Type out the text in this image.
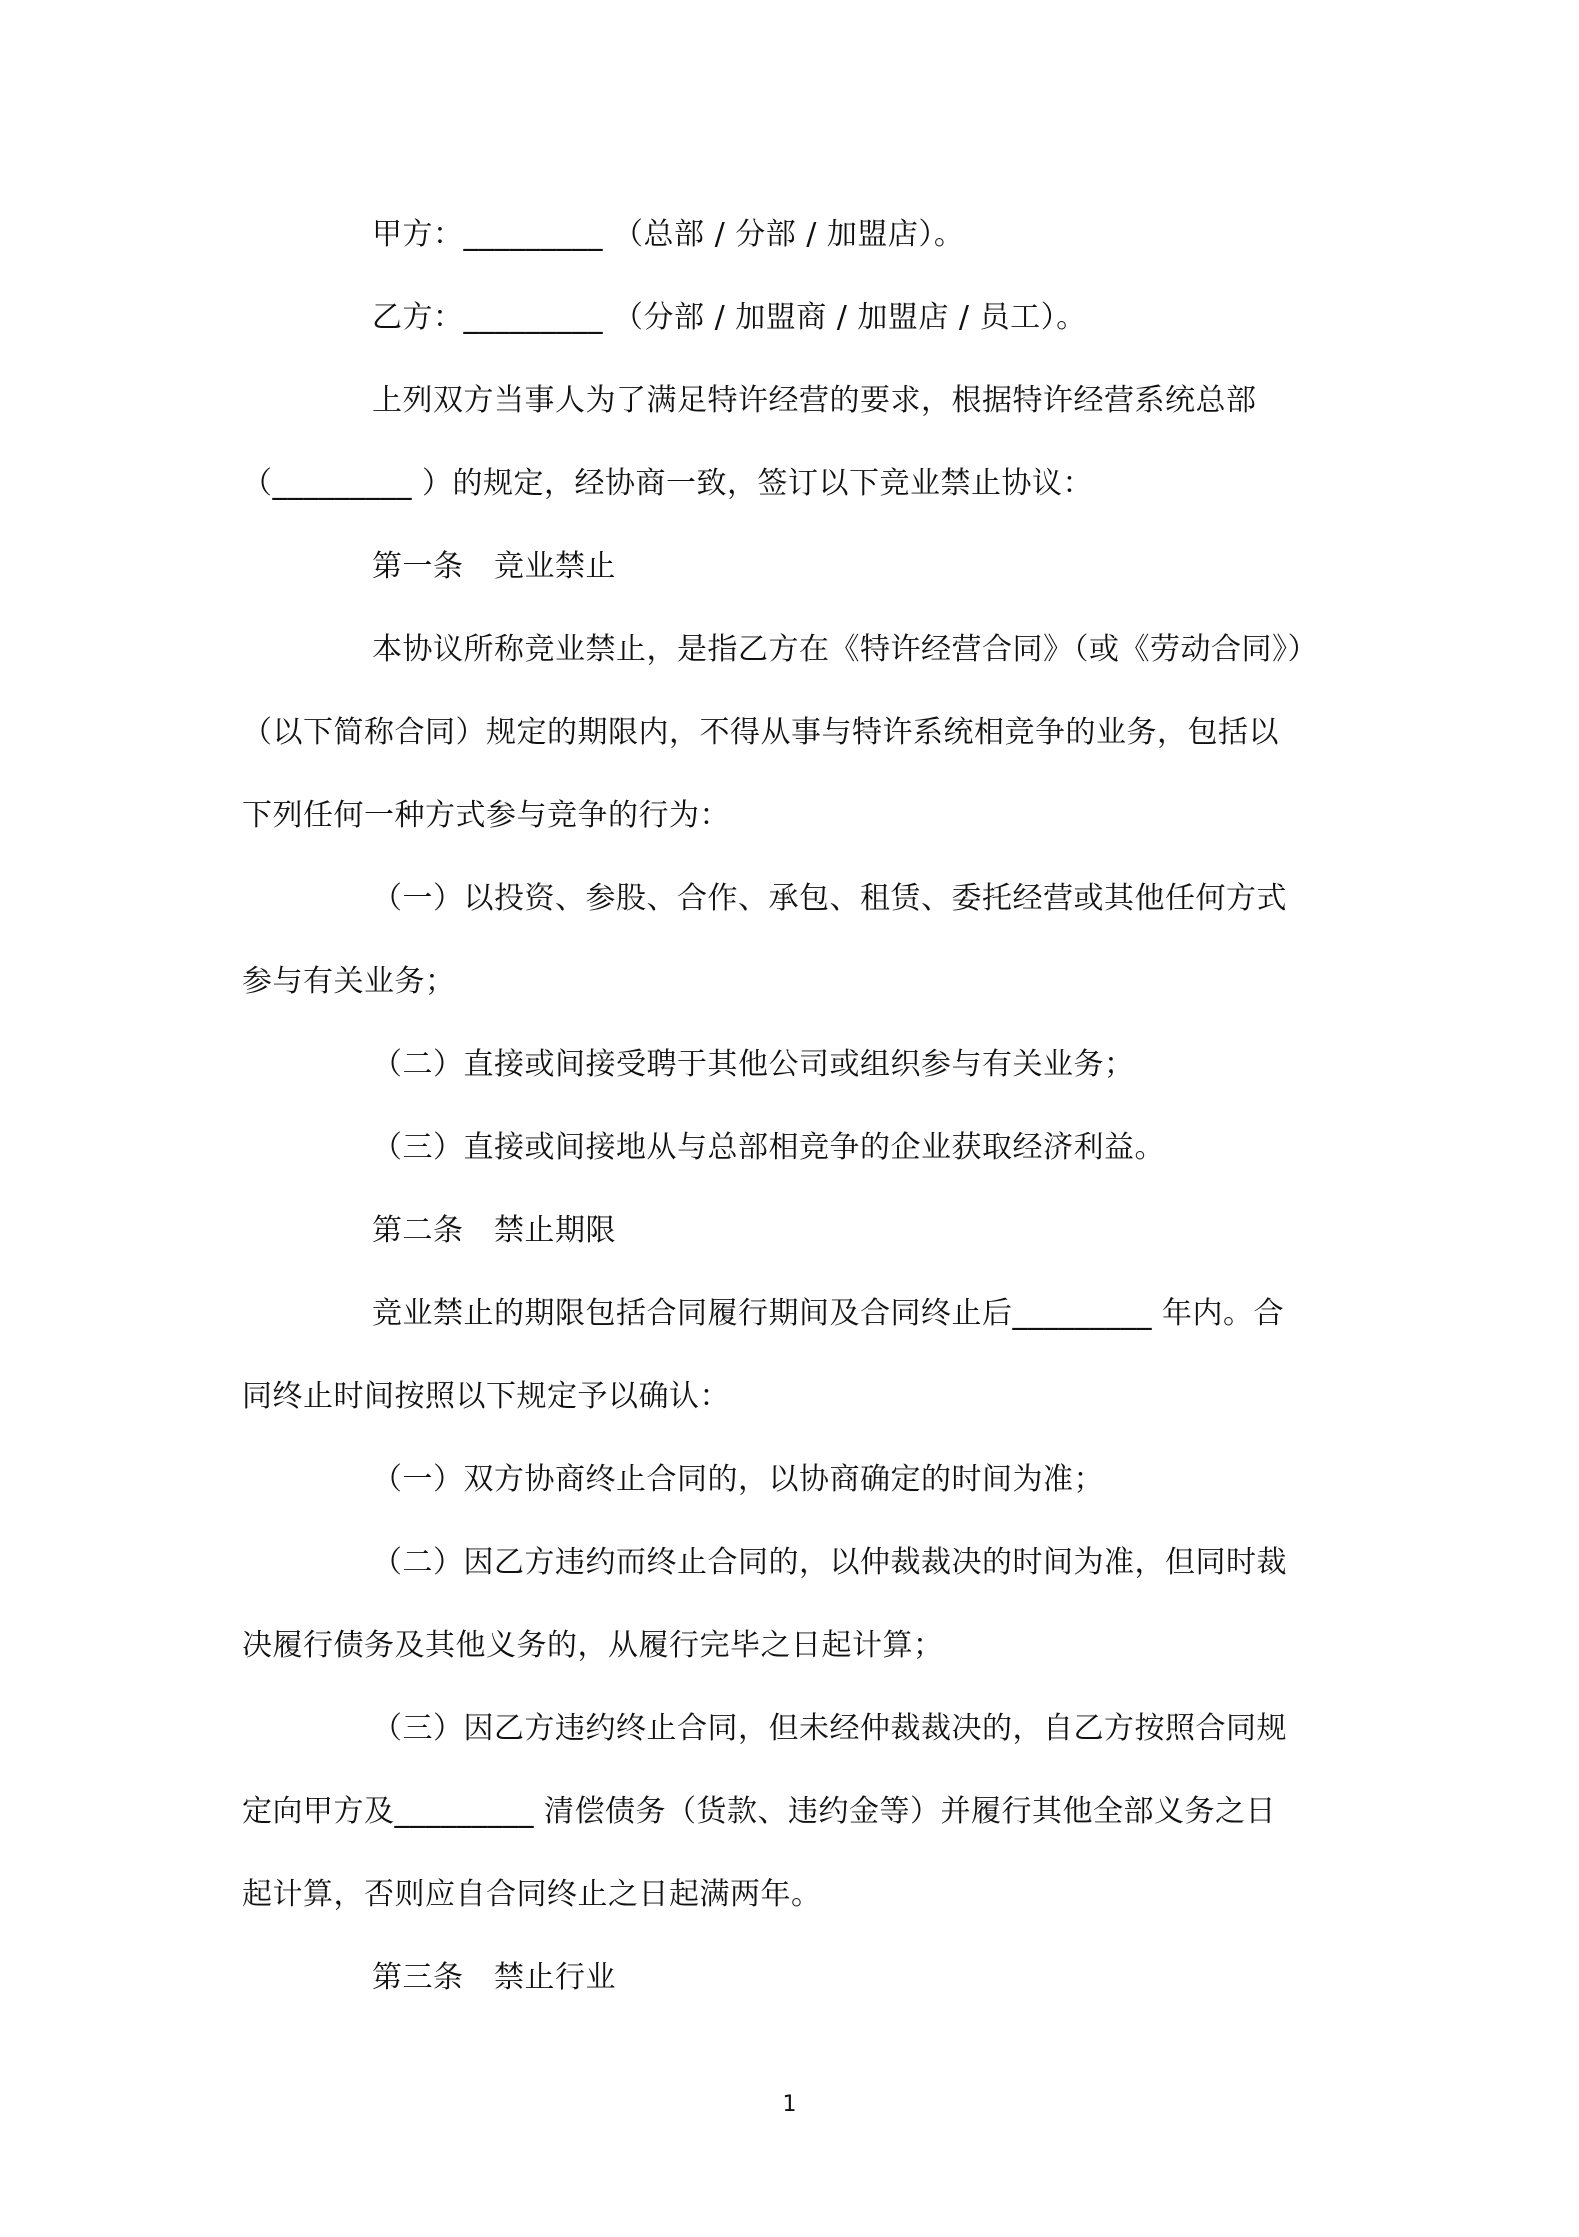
甲方：_________ （总部 / 分部 / 加盟店）。
乙方：_________ （分部 / 加盟商 / 加盟店 / 员工）。
上列双方当事人为了满足特许经营的要求，根据特许经营系统总部
（_________ ）的规定，经协商一致，签订以下竞业禁止协议：
第一条　竞业禁止
本协议所称竞业禁止，是指乙方在《特许经营合同》（或《劳动合同》）
（以下简称合同）规定的期限内，不得从事与特许系统相竞争的业务，包括以
下列任何一种方式参与竞争的行为：
（一）以投资、参股、合作、承包、租赁、委托经营或其他任何方式
参与有关业务；
（二）直接或间接受聘于其他公司或组织参与有关业务；
（三）直接或间接地从与总部相竞争的企业获取经济利益。
第二条　禁止期限
竞业禁止的期限包括合同履行期间及合同终止后_________ 年内。合
同终止时间按照以下规定予以确认：
（一）双方协商终止合同的，以协商确定的时间为准；
（二）因乙方违约而终止合同的，以仲裁裁决的时间为准，但同时裁
决履行债务及其他义务的，从履行完毕之日起计算；
（三）因乙方违约终止合同，但未经仲裁裁决的，自乙方按照合同规
定向甲方及_________ 清偿债务（货款、违约金等）并履行其他全部义务之日
起计算，否则应自合同终止之日起满两年。
第三条　禁止行业
1
